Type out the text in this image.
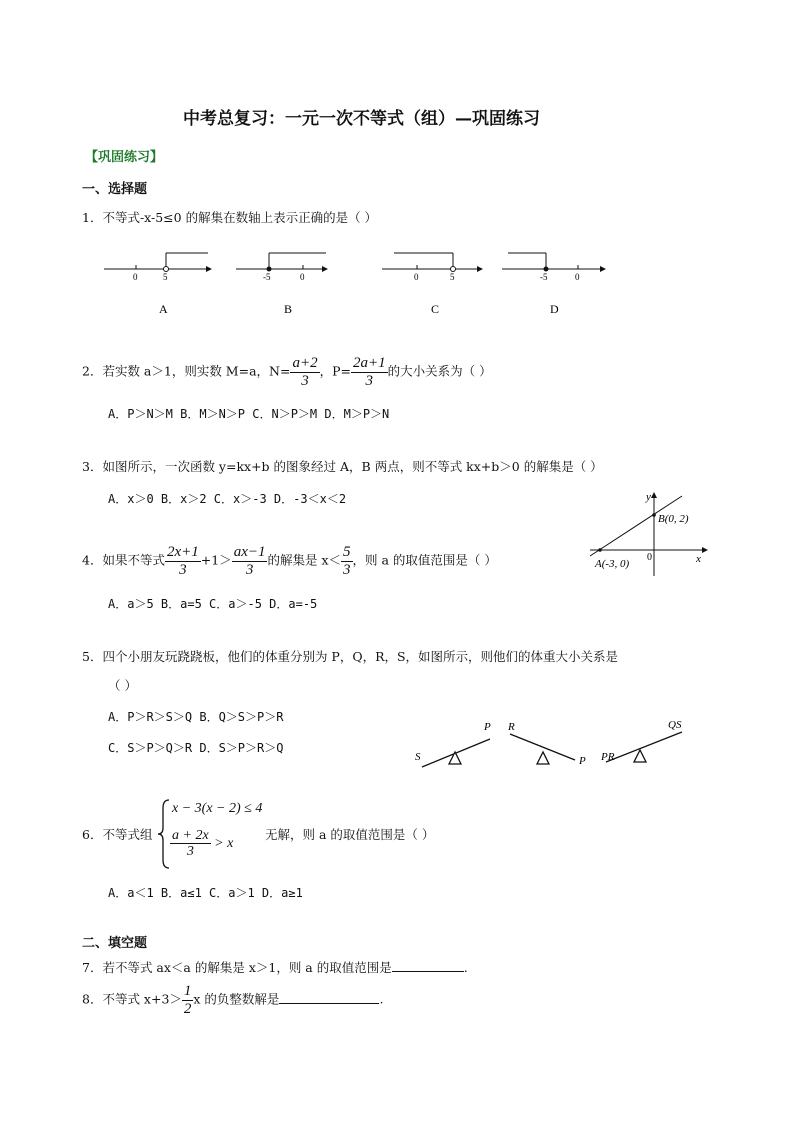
中考总复习：一元一次不等式（组）—巩固练习
【巩固练习】
一、选择题
1．不等式-x-5≤0 的解集在数轴上表示正确的是（ ）
0	5
A
-5	0
B
0	5
C
-5	0
D
2．若实数 a＞1，则实数 M=a，$N= \frac{a+2}{3}$ ，$P= \frac{2a+1}{3}$ 的大小关系为（ ）
A．P＞N＞M B．M＞N＞P C．N＞P＞M D．M＞P＞N
3．如图所示，一次函数 y=kx+b 的图象经过 A，B 两点，则不等式 kx+b＞0 的解集是（ ）
A．x＞0 B．x＞2 C．x＞-3 D．-3＜x＜2	y
x
0
A(-3, 0)
B(0, 2)
4．如果不等式 $\frac{2x+1}{3} +1> \frac{ax-1}{3}$ 的解集是 $x< \frac{5}{3}$ ，则 a 的取值范围是（ ）
A．a＞5 B．a=5 C．a＞-5 D．a=-5
5．四个小朋友玩跷跷板，他们的体重分别为 P，Q，R，S，如图所示，则他们的体重大小关系是
（ ）
A．P＞R＞S＞Q B．Q＞S＞P＞R
C．S＞P＞Q＞R D．S＞P＞R＞Q
S
P R
P PR
QS
6．不等式组
x − 3(x − 2) ≤ 4
$\frac{a + 2x}{3} > x$
无解，则 a 的取值范围是（ ）
A．a＜1 B．a≤1 C．a＞1 D．a≥1
二、填空题
7．若不等式 ax＜a 的解集是 x＞1，则 a 的取值范围是	.
8．不等式 $x+3> \frac{1}{2}$ x 的负整数解是	.
